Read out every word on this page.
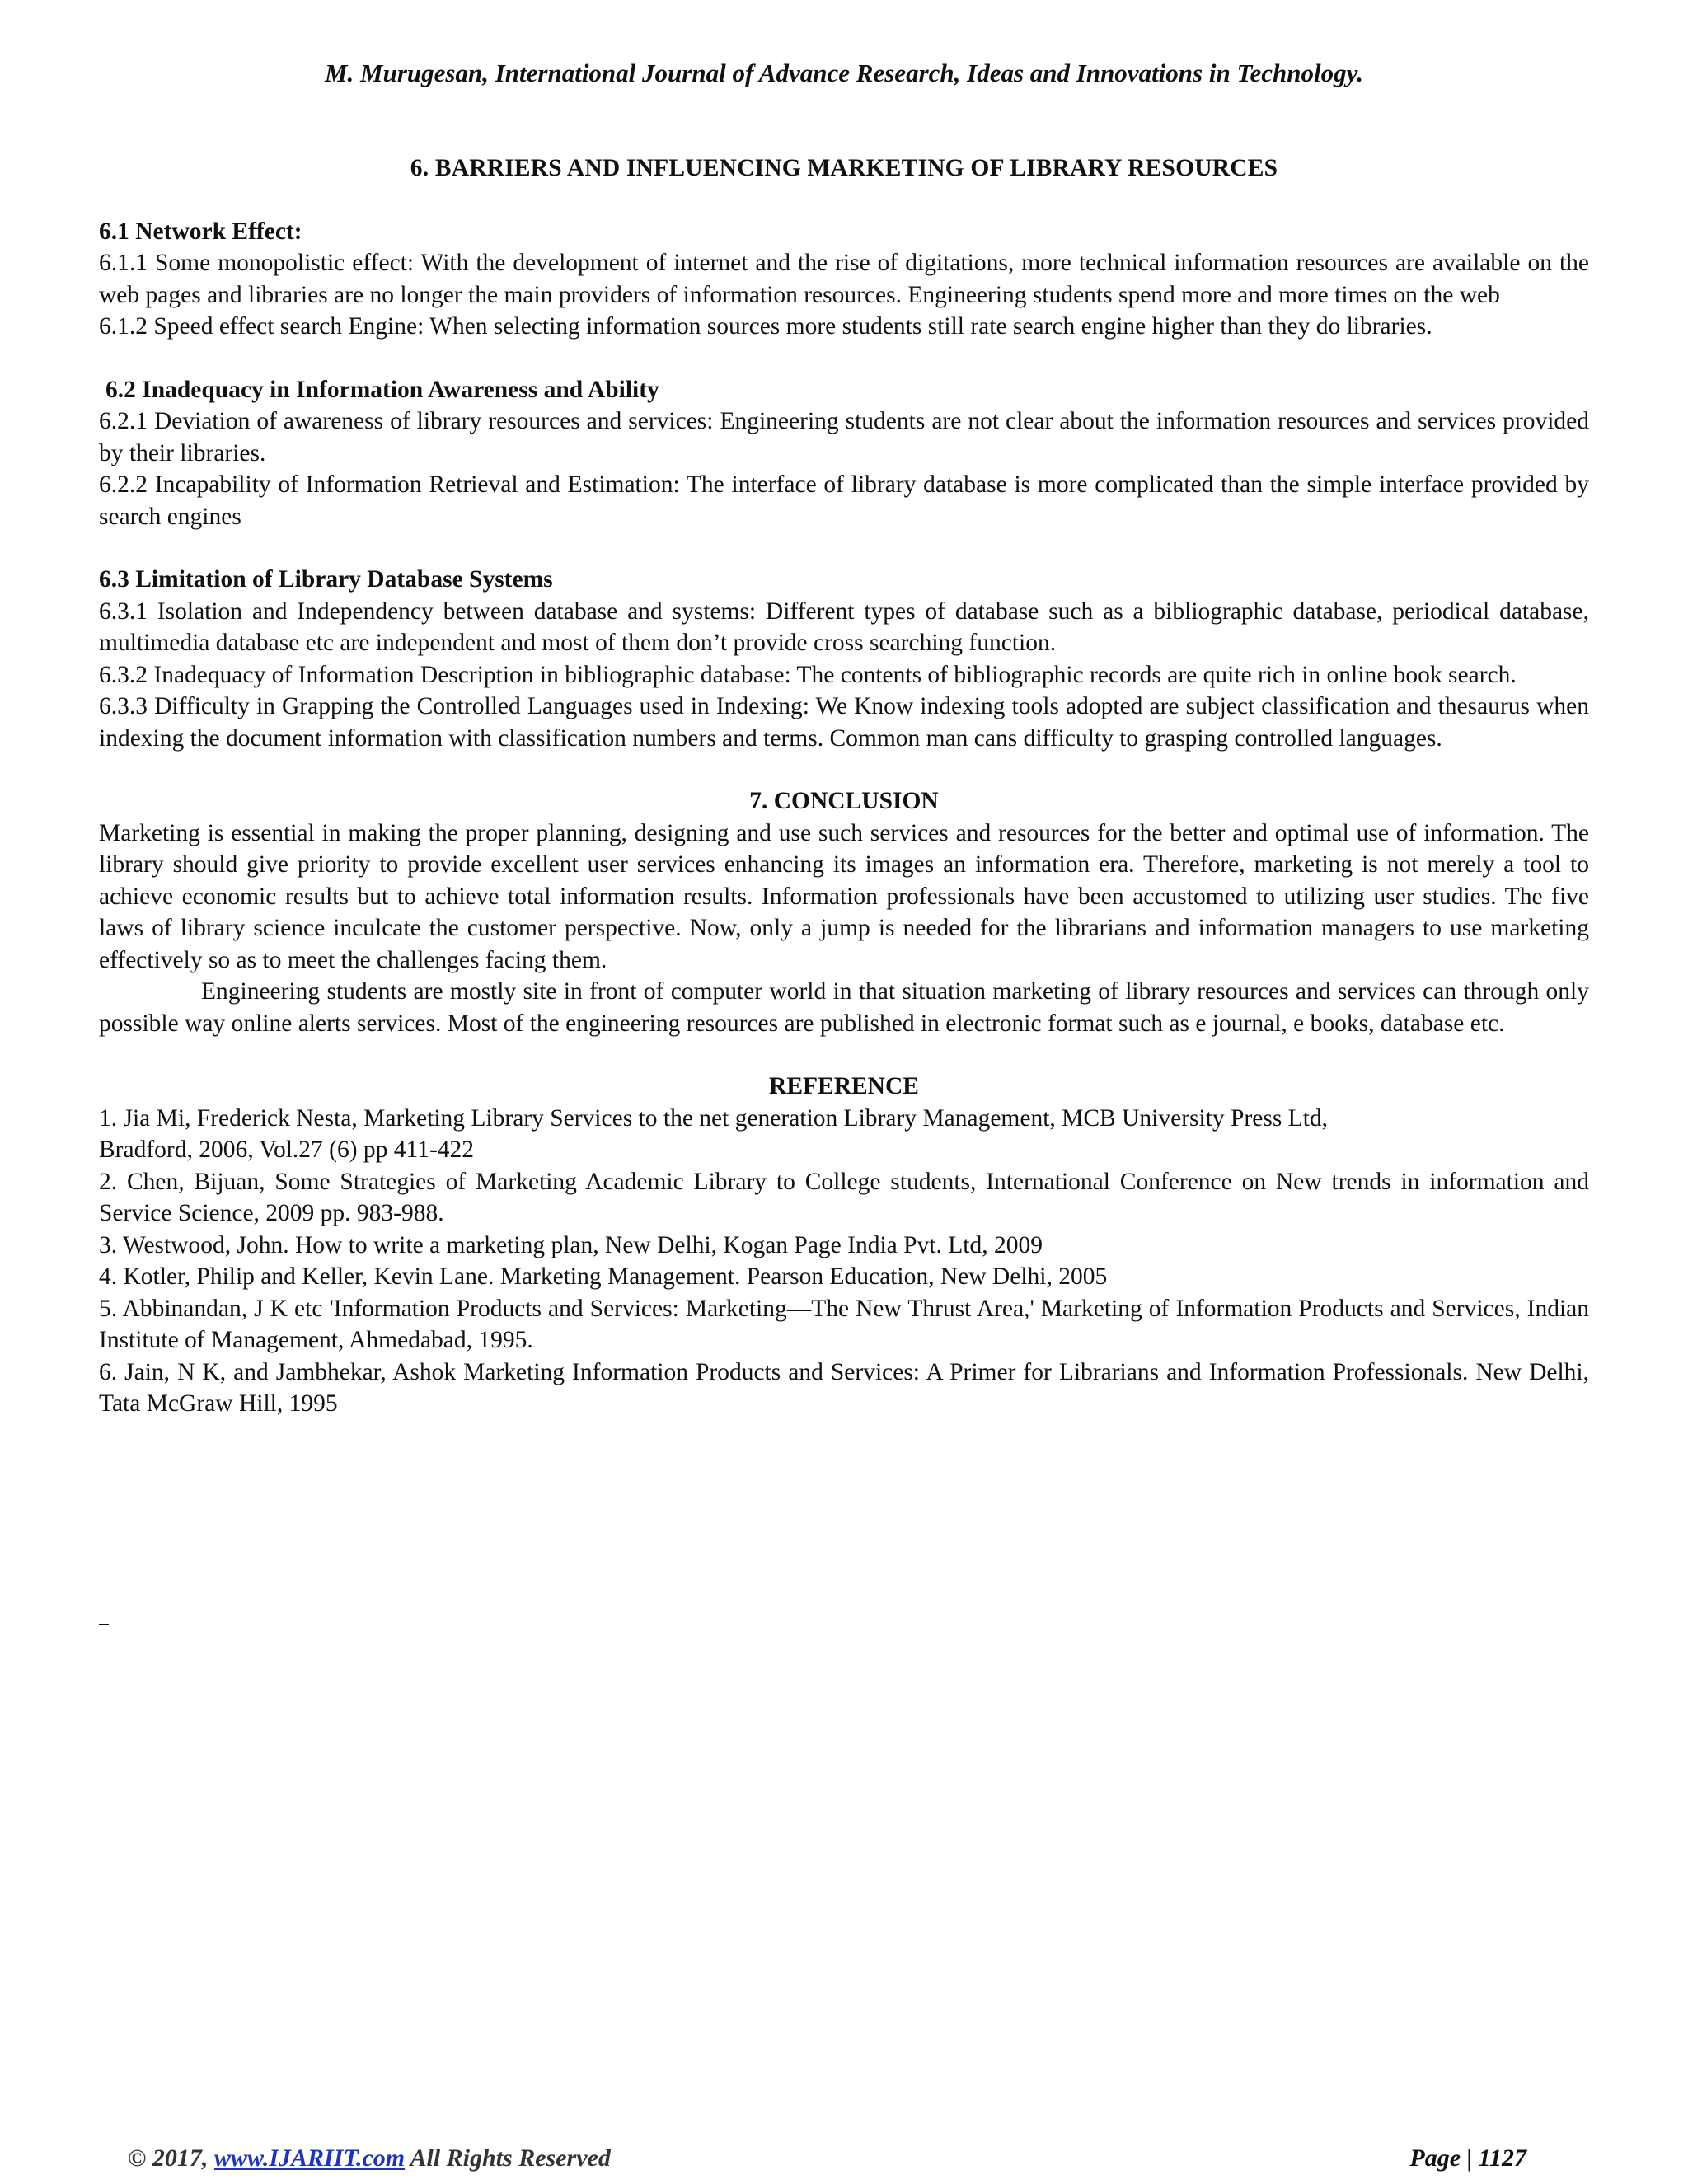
M. Murugesan, International Journal of Advance Research, Ideas and Innovations in Technology.

6. BARRIERS AND INFLUENCING MARKETING OF LIBRARY RESOURCES

6.1 Network Effect:

6.1.1 Some monopolistic effect: With the development of internet and the rise of digitations, more technical information resources are available on the web pages and libraries are no longer the main providers of information resources. Engineering students spend more and more times on the web

6.1.2 Speed effect search Engine: When selecting information sources more students still rate search engine higher than they do libraries.

6.2 Inadequacy in Information Awareness and Ability

6.2.1 Deviation of awareness of library resources and services: Engineering students are not clear about the information resources and services provided by their libraries.

6.2.2 Incapability of Information Retrieval and Estimation: The interface of library database is more complicated than the simple interface provided by search engines

6.3 Limitation of Library Database Systems

6.3.1 Isolation and Independency between database and systems: Different types of database such as a bibliographic database, periodical database, multimedia database etc are independent and most of them don’t provide cross searching function.

6.3.2 Inadequacy of Information Description in bibliographic database: The contents of bibliographic records are quite rich in online book search.

6.3.3 Difficulty in Grapping the Controlled Languages used in Indexing: We Know indexing tools adopted are subject classification and thesaurus when indexing the document information with classification numbers and terms. Common man cans difficulty to grasping controlled languages.

7. CONCLUSION

Marketing is essential in making the proper planning, designing and use such services and resources for the better and optimal use of information. The library should give priority to provide excellent user services enhancing its images an information era. Therefore, marketing is not merely a tool to achieve economic results but to achieve total information results. Information professionals have been accustomed to utilizing user studies. The five laws of library science inculcate the customer perspective. Now, only a jump is needed for the librarians and information managers to use marketing effectively so as to meet the challenges facing them.

Engineering students are mostly site in front of computer world in that situation marketing of library resources and services can through only possible way online alerts services. Most of the engineering resources are published in electronic format such as e journal, e books, database etc.

REFERENCE

1. Jia Mi, Frederick Nesta, Marketing Library Services to the net generation Library Management, MCB University Press Ltd,

Bradford, 2006, Vol.27 (6) pp 411-422

2. Chen, Bijuan, Some Strategies of Marketing Academic Library to College students, International Conference on New trends in information and Service Science, 2009 pp. 983-988.

3. Westwood, John. How to write a marketing plan, New Delhi, Kogan Page India Pvt. Ltd, 2009

4. Kotler, Philip and Keller, Kevin Lane. Marketing Management. Pearson Education, New Delhi, 2005

5. Abbinandan, J K etc 'Information Products and Services: Marketing—The New Thrust Area,' Marketing of Information Products and Services, Indian Institute of Management, Ahmedabad, 1995.

6. Jain, N K, and Jambhekar, Ashok Marketing Information Products and Services: A Primer for Librarians and Information Professionals. New Delhi, Tata McGraw Hill, 1995

© 2017, www.IJARIIT.com All Rights Reserved	Page | 1127
